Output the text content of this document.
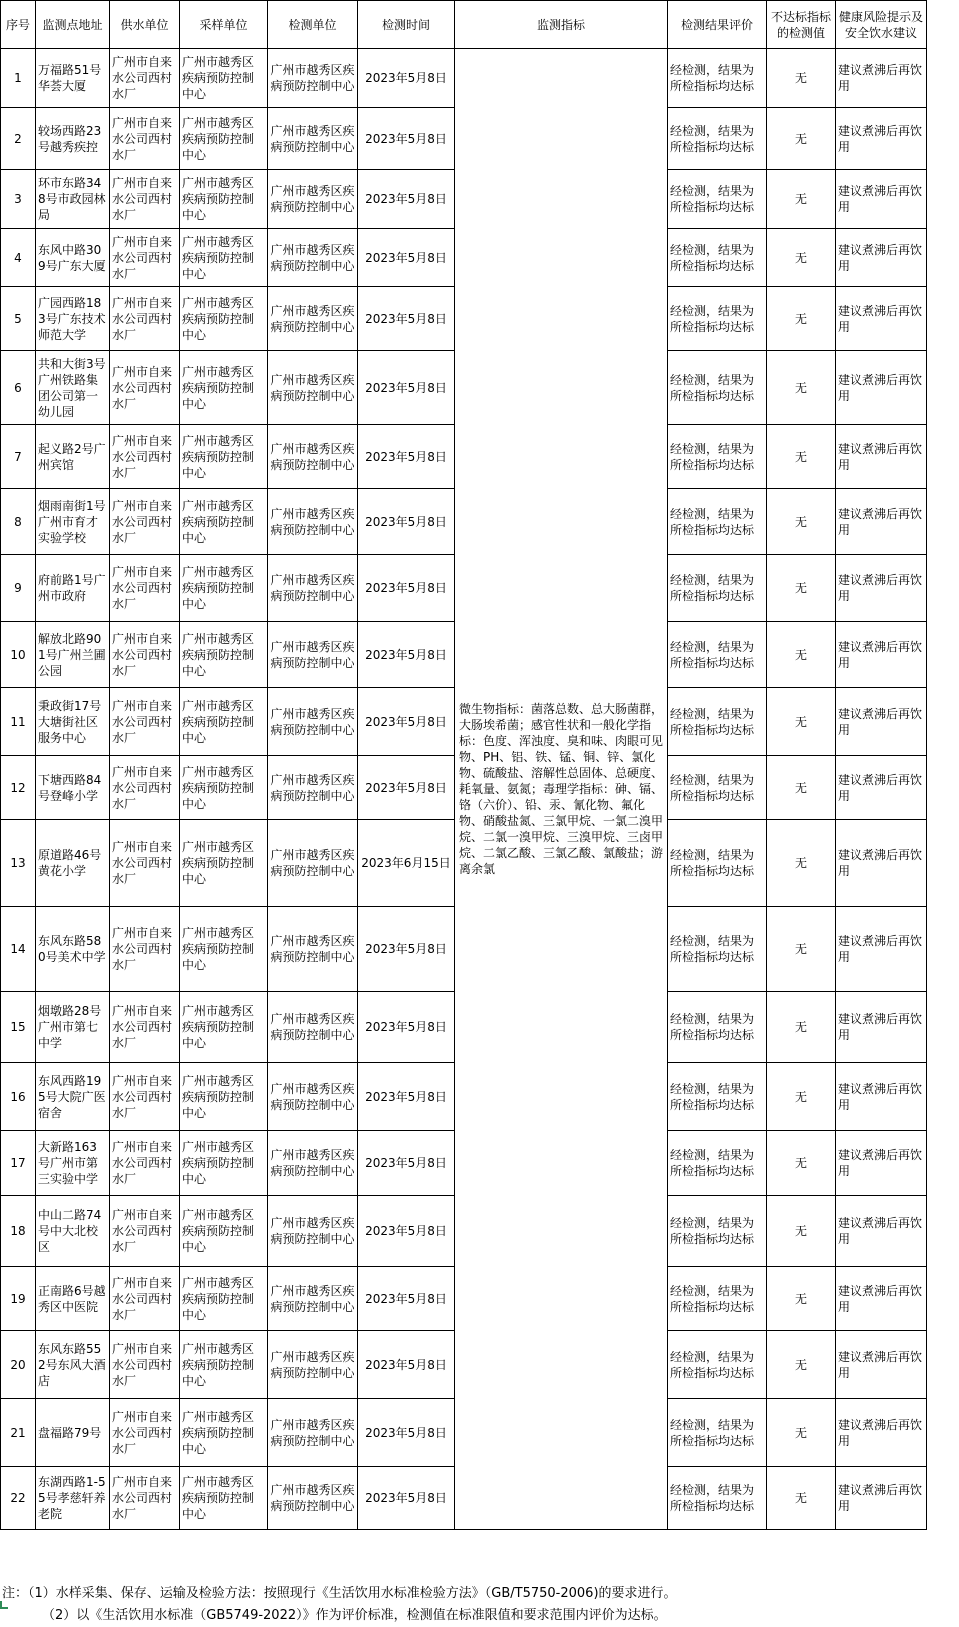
序号	监测点地址	供水单位	采样单位	检测单位	检测时间	监测指标	检测结果评价	不达标指标的检测值	健康风险提示及安全饮水建议
1	万福路51号华荟大厦	广州市自来水公司西村水厂	广州市越秀区疾病预防控制中心	广州市越秀区疾病预防控制中心	2023年5月8日	微生物指标：菌落总数、总大肠菌群，大肠埃希菌；感官性状和一般化学指标：色度、浑浊度、臭和味、肉眼可见物、PH、铝、铁、锰、铜、锌、氯化物、硫酸盐、溶解性总固体、总硬度、耗氧量、氨氮；毒理学指标：砷、镉、铬（六价）、铅、汞、氰化物、氟化物、硝酸盐氮、三氯甲烷、一氯二溴甲烷、二氯一溴甲烷、三溴甲烷、三卤甲烷、二氯乙酸、三氯乙酸、氯酸盐；游离余氯	经检测，结果为所检指标均达标	无	建议煮沸后再饮用
2	较场西路23号越秀疾控	广州市自来水公司西村水厂	广州市越秀区疾病预防控制中心	广州市越秀区疾病预防控制中心	2023年5月8日		经检测，结果为所检指标均达标	无	建议煮沸后再饮用
3	环市东路348号市政园林局	广州市自来水公司西村水厂	广州市越秀区疾病预防控制中心	广州市越秀区疾病预防控制中心	2023年5月8日		经检测，结果为所检指标均达标	无	建议煮沸后再饮用
4	东风中路309号广东大厦	广州市自来水公司西村水厂	广州市越秀区疾病预防控制中心	广州市越秀区疾病预防控制中心	2023年5月8日		经检测，结果为所检指标均达标	无	建议煮沸后再饮用
5	广园西路183号广东技术师范大学	广州市自来水公司西村水厂	广州市越秀区疾病预防控制中心	广州市越秀区疾病预防控制中心	2023年5月8日		经检测，结果为所检指标均达标	无	建议煮沸后再饮用
6	共和大街3号广州铁路集团公司第一幼儿园	广州市自来水公司西村水厂	广州市越秀区疾病预防控制中心	广州市越秀区疾病预防控制中心	2023年5月8日		经检测，结果为所检指标均达标	无	建议煮沸后再饮用
7	起义路2号广州宾馆	广州市自来水公司西村水厂	广州市越秀区疾病预防控制中心	广州市越秀区疾病预防控制中心	2023年5月8日		经检测，结果为所检指标均达标	无	建议煮沸后再饮用
8	烟雨南街1号广州市育才实验学校	广州市自来水公司西村水厂	广州市越秀区疾病预防控制中心	广州市越秀区疾病预防控制中心	2023年5月8日		经检测，结果为所检指标均达标	无	建议煮沸后再饮用
9	府前路1号广州市政府	广州市自来水公司西村水厂	广州市越秀区疾病预防控制中心	广州市越秀区疾病预防控制中心	2023年5月8日		经检测，结果为所检指标均达标	无	建议煮沸后再饮用
10	解放北路901号广州兰圃公园	广州市自来水公司西村水厂	广州市越秀区疾病预防控制中心	广州市越秀区疾病预防控制中心	2023年5月8日		经检测，结果为所检指标均达标	无	建议煮沸后再饮用
11	秉政街17号大塘街社区服务中心	广州市自来水公司西村水厂	广州市越秀区疾病预防控制中心	广州市越秀区疾病预防控制中心	2023年5月8日		经检测，结果为所检指标均达标	无	建议煮沸后再饮用
12	下塘西路84号登峰小学	广州市自来水公司西村水厂	广州市越秀区疾病预防控制中心	广州市越秀区疾病预防控制中心	2023年5月8日		经检测，结果为所检指标均达标	无	建议煮沸后再饮用
13	原道路46号黄花小学	广州市自来水公司西村水厂	广州市越秀区疾病预防控制中心	广州市越秀区疾病预防控制中心	2023年6月15日		经检测，结果为所检指标均达标	无	建议煮沸后再饮用
14	东风东路580号美术中学	广州市自来水公司西村水厂	广州市越秀区疾病预防控制中心	广州市越秀区疾病预防控制中心	2023年5月8日		经检测，结果为所检指标均达标	无	建议煮沸后再饮用
15	烟墩路28号广州市第七中学	广州市自来水公司西村水厂	广州市越秀区疾病预防控制中心	广州市越秀区疾病预防控制中心	2023年5月8日		经检测，结果为所检指标均达标	无	建议煮沸后再饮用
16	东风西路195号大院广医宿舍	广州市自来水公司西村水厂	广州市越秀区疾病预防控制中心	广州市越秀区疾病预防控制中心	2023年5月8日		经检测，结果为所检指标均达标	无	建议煮沸后再饮用
17	大新路163号广州市第三实验中学	广州市自来水公司西村水厂	广州市越秀区疾病预防控制中心	广州市越秀区疾病预防控制中心	2023年5月8日		经检测，结果为所检指标均达标	无	建议煮沸后再饮用
18	中山二路74号中大北校区	广州市自来水公司西村水厂	广州市越秀区疾病预防控制中心	广州市越秀区疾病预防控制中心	2023年5月8日		经检测，结果为所检指标均达标	无	建议煮沸后再饮用
19	正南路6号越秀区中医院	广州市自来水公司西村水厂	广州市越秀区疾病预防控制中心	广州市越秀区疾病预防控制中心	2023年5月8日		经检测，结果为所检指标均达标	无	建议煮沸后再饮用
20	东风东路552号东风大酒店	广州市自来水公司西村水厂	广州市越秀区疾病预防控制中心	广州市越秀区疾病预防控制中心	2023年5月8日		经检测，结果为所检指标均达标	无	建议煮沸后再饮用
21	盘福路79号	广州市自来水公司西村水厂	广州市越秀区疾病预防控制中心	广州市越秀区疾病预防控制中心	2023年5月8日		经检测，结果为所检指标均达标	无	建议煮沸后再饮用
22	东湖西路1-55号孝慈轩养老院	广州市自来水公司西村水厂	广州市越秀区疾病预防控制中心	广州市越秀区疾病预防控制中心	2023年5月8日		经检测，结果为所检指标均达标	无	建议煮沸后再饮用
注：（1）水样采集、保存、运输及检验方法：按照现行《生活饮用水标准检验方法》（GB/T5750-2006)的要求进行。
（2）以《生活饮用水标准（GB5749-2022）》作为评价标准，检测值在标准限值和要求范围内评价为达标。
